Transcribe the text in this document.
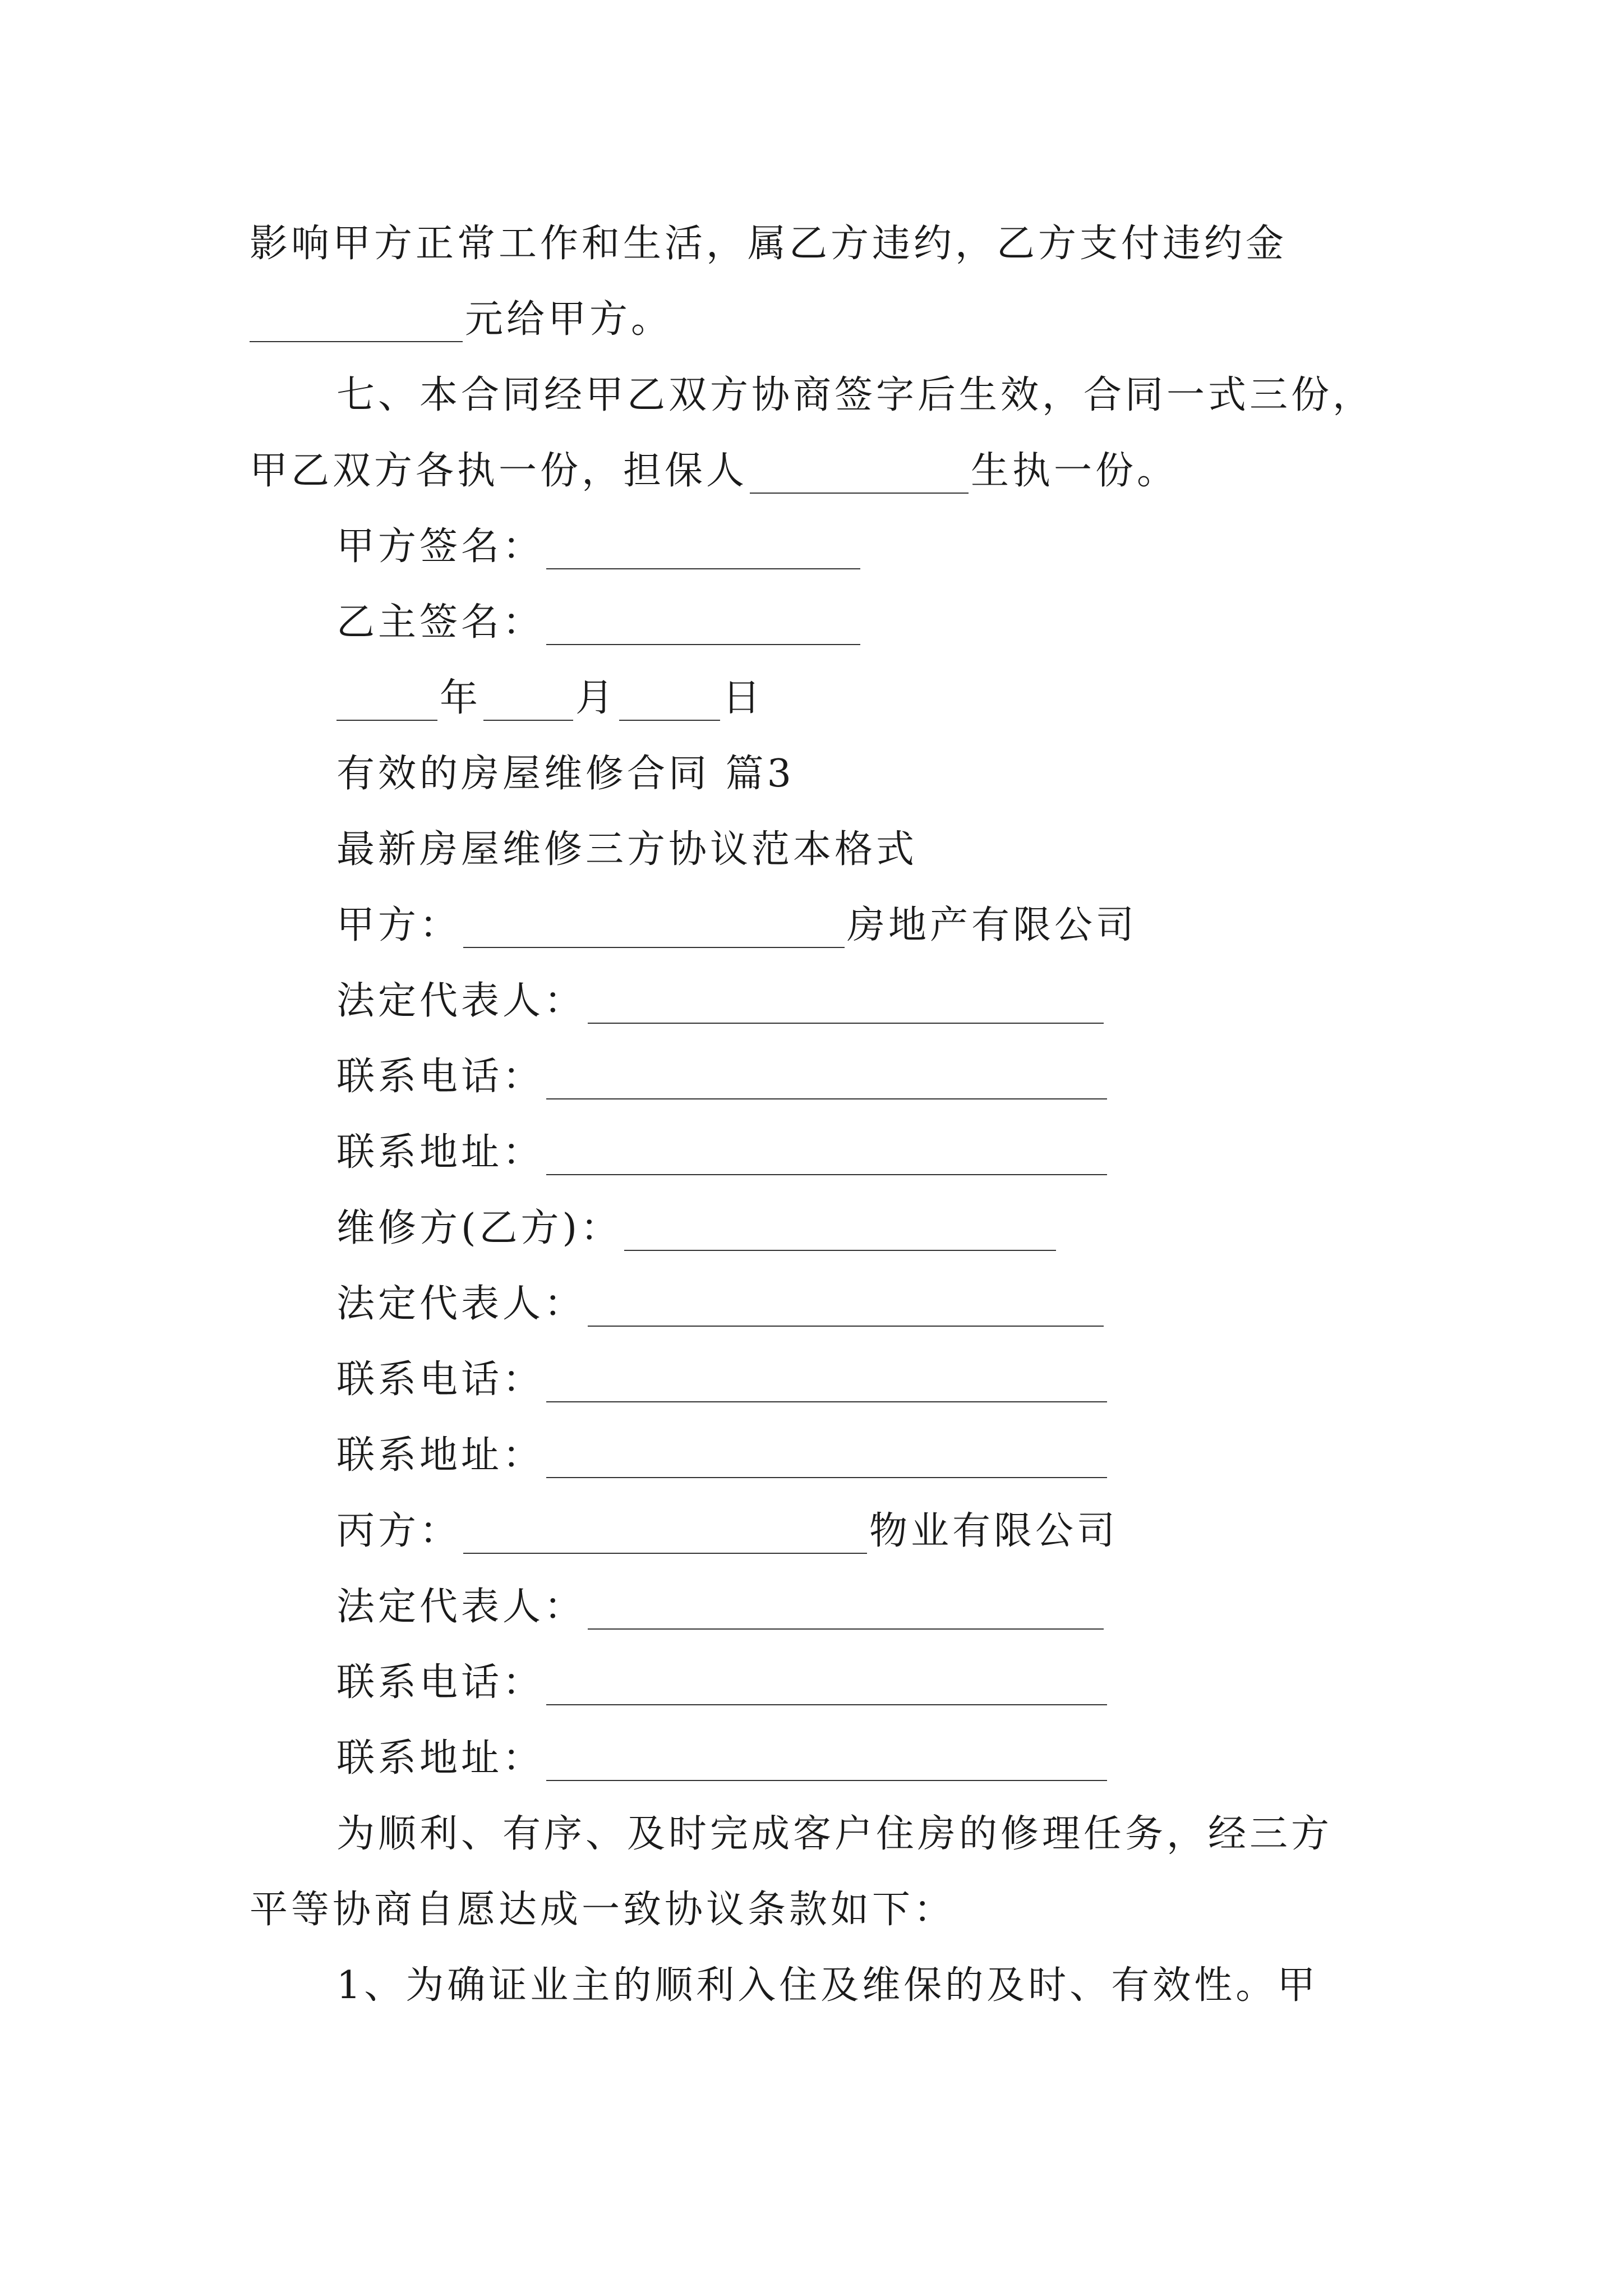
影响甲方正常工作和生活，属乙方违约，乙方支付违约金
元给甲方。
七、本合同经甲乙双方协商签字后生效，合同一式三份，
甲乙双方各执一份，担保人	生执一份。
甲方签名：
乙主签名：
年 月	日
有效的房屋维修合同 篇3
最新房屋维修三方协议范本格式
甲方：	房地产有限公司
法定代表人：
联系电话：
联系地址：
维修方(乙方)：
法定代表人：
联系电话：
联系地址：
丙方：	物业有限公司
法定代表人：
联系电话：
联系地址：
为顺利、有序、及时完成客户住房的修理任务，经三方
平等协商自愿达成一致协议条款如下：
1、为确证业主的顺利入住及维保的及时、有效性。甲
